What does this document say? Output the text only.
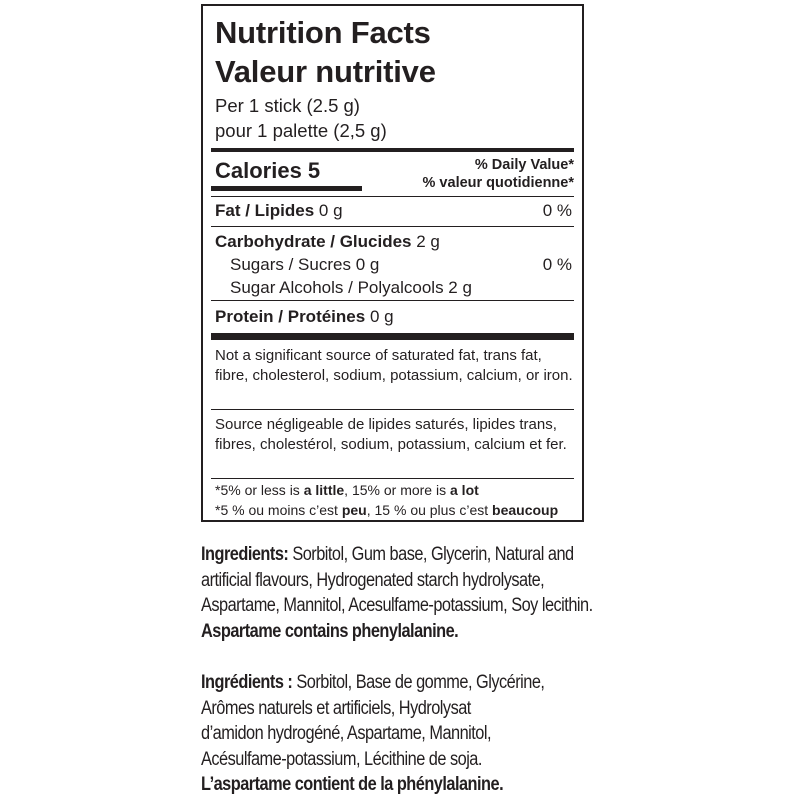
Nutrition Facts
Valeur nutritive
Per 1 stick (2.5 g)
pour 1 palette (2,5 g)
Calories 5	% Daily Value*
% valeur quotidienne*
Fat / Lipides 0 g	0 %
Carbohydrate / Glucides 2 g
Sugars / Sucres 0 g	0 %
Sugar Alcohols / Polyalcools 2 g
Protein / Protéines 0 g
Not a significant source of saturated fat, trans fat, fibre, cholesterol, sodium, potassium, calcium, or iron.
Source négligeable de lipides saturés, lipides trans, fibres, cholestérol, sodium, potassium, calcium et fer.
*5% or less is a little, 15% or more is a lot
*5 % ou moins c’est peu, 15 % ou plus c’est beaucoup
Ingredients: Sorbitol, Gum base, Glycerin, Natural and
artificial flavours, Hydrogenated starch hydrolysate,
Aspartame, Mannitol, Acesulfame-potassium, Soy lecithin.
Aspartame contains phenylalanine.
Ingrédients : Sorbitol, Base de gomme, Glycérine,
Arômes naturels et artificiels, Hydrolysat
d’amidon hydrogéné, Aspartame, Mannitol,
Acésulfame-potassium, Lécithine de soja.
L’aspartame contient de la phénylalanine.
